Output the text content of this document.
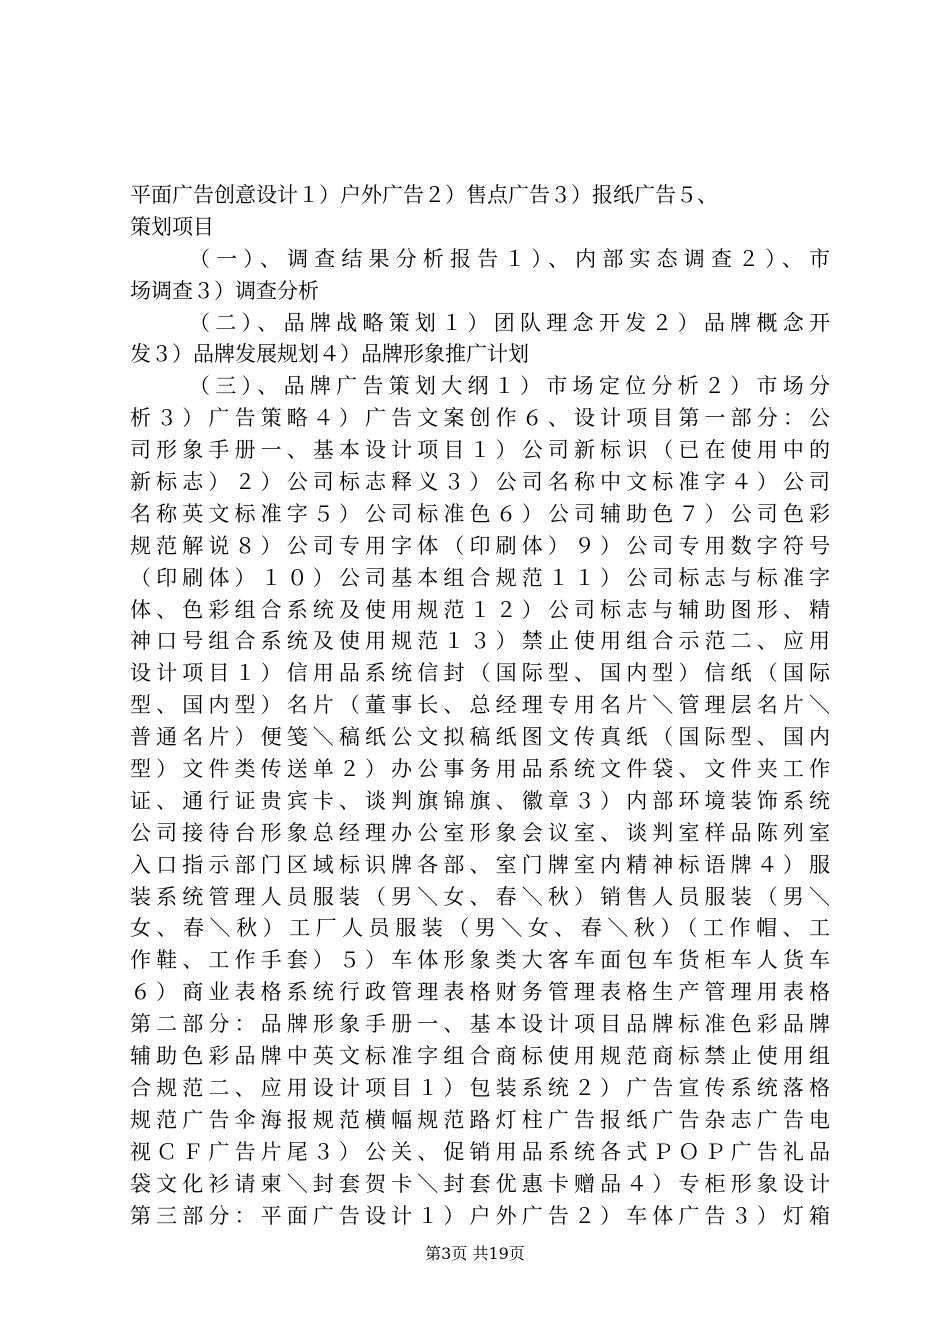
平面广告创意设计１）户外广告２）售点广告３）报纸广告５、
策划项目
（一）、调查结果分析报告１）、内部实态调查２）、市
场调查３）调查分析
（二）、品牌战略策划１）团队理念开发２）品牌概念开
发３）品牌发展规划４）品牌形象推广计划
（三）、品牌广告策划大纲１）市场定位分析２）市场分
析３）广告策略４）广告文案创作６、设计项目第一部分：公
司形象手册一、基本设计项目１）公司新标识（已在使用中的
新标志）２）公司标志释义３）公司名称中文标准字４）公司
名称英文标准字５）公司标准色６）公司辅助色７）公司色彩
规范解说８）公司专用字体（印刷体）９）公司专用数字符号
（印刷体）１０）公司基本组合规范１１）公司标志与标准字
体、色彩组合系统及使用规范１２）公司标志与辅助图形、精
神口号组合系统及使用规范１３）禁止使用组合示范二、应用
设计项目１）信用品系统信封（国际型、国内型）信纸（国际
型、国内型）名片（董事长、总经理专用名片＼管理层名片＼
普通名片）便笺＼稿纸公文拟稿纸图文传真纸（国际型、国内
型）文件类传送单２）办公事务用品系统文件袋、文件夹工作
证、通行证贵宾卡、谈判旗锦旗、徽章３）内部环境装饰系统
公司接待台形象总经理办公室形象会议室、谈判室样品陈列室
入口指示部门区域标识牌各部、室门牌室内精神标语牌４）服
装系统管理人员服装（男＼女、春＼秋）销售人员服装（男＼
女、春＼秋）工厂人员服装（男＼女、春＼秋）（工作帽、工
作鞋、工作手套）５）车体形象类大客车面包车货柜车人货车
６）商业表格系统行政管理表格财务管理表格生产管理用表格
第二部分：品牌形象手册一、基本设计项目品牌标准色彩品牌
辅助色彩品牌中英文标准字组合商标使用规范商标禁止使用组
合规范二、应用设计项目１）包装系统２）广告宣传系统落格
规范广告伞海报规范横幅规范路灯柱广告报纸广告杂志广告电
视ＣＦ广告片尾３）公关、促销用品系统各式ＰＯＰ广告礼品
袋文化衫请柬＼封套贺卡＼封套优惠卡赠品４）专柜形象设计
第三部分：平面广告设计１）户外广告２）车体广告３）灯箱
第3页 共19页
